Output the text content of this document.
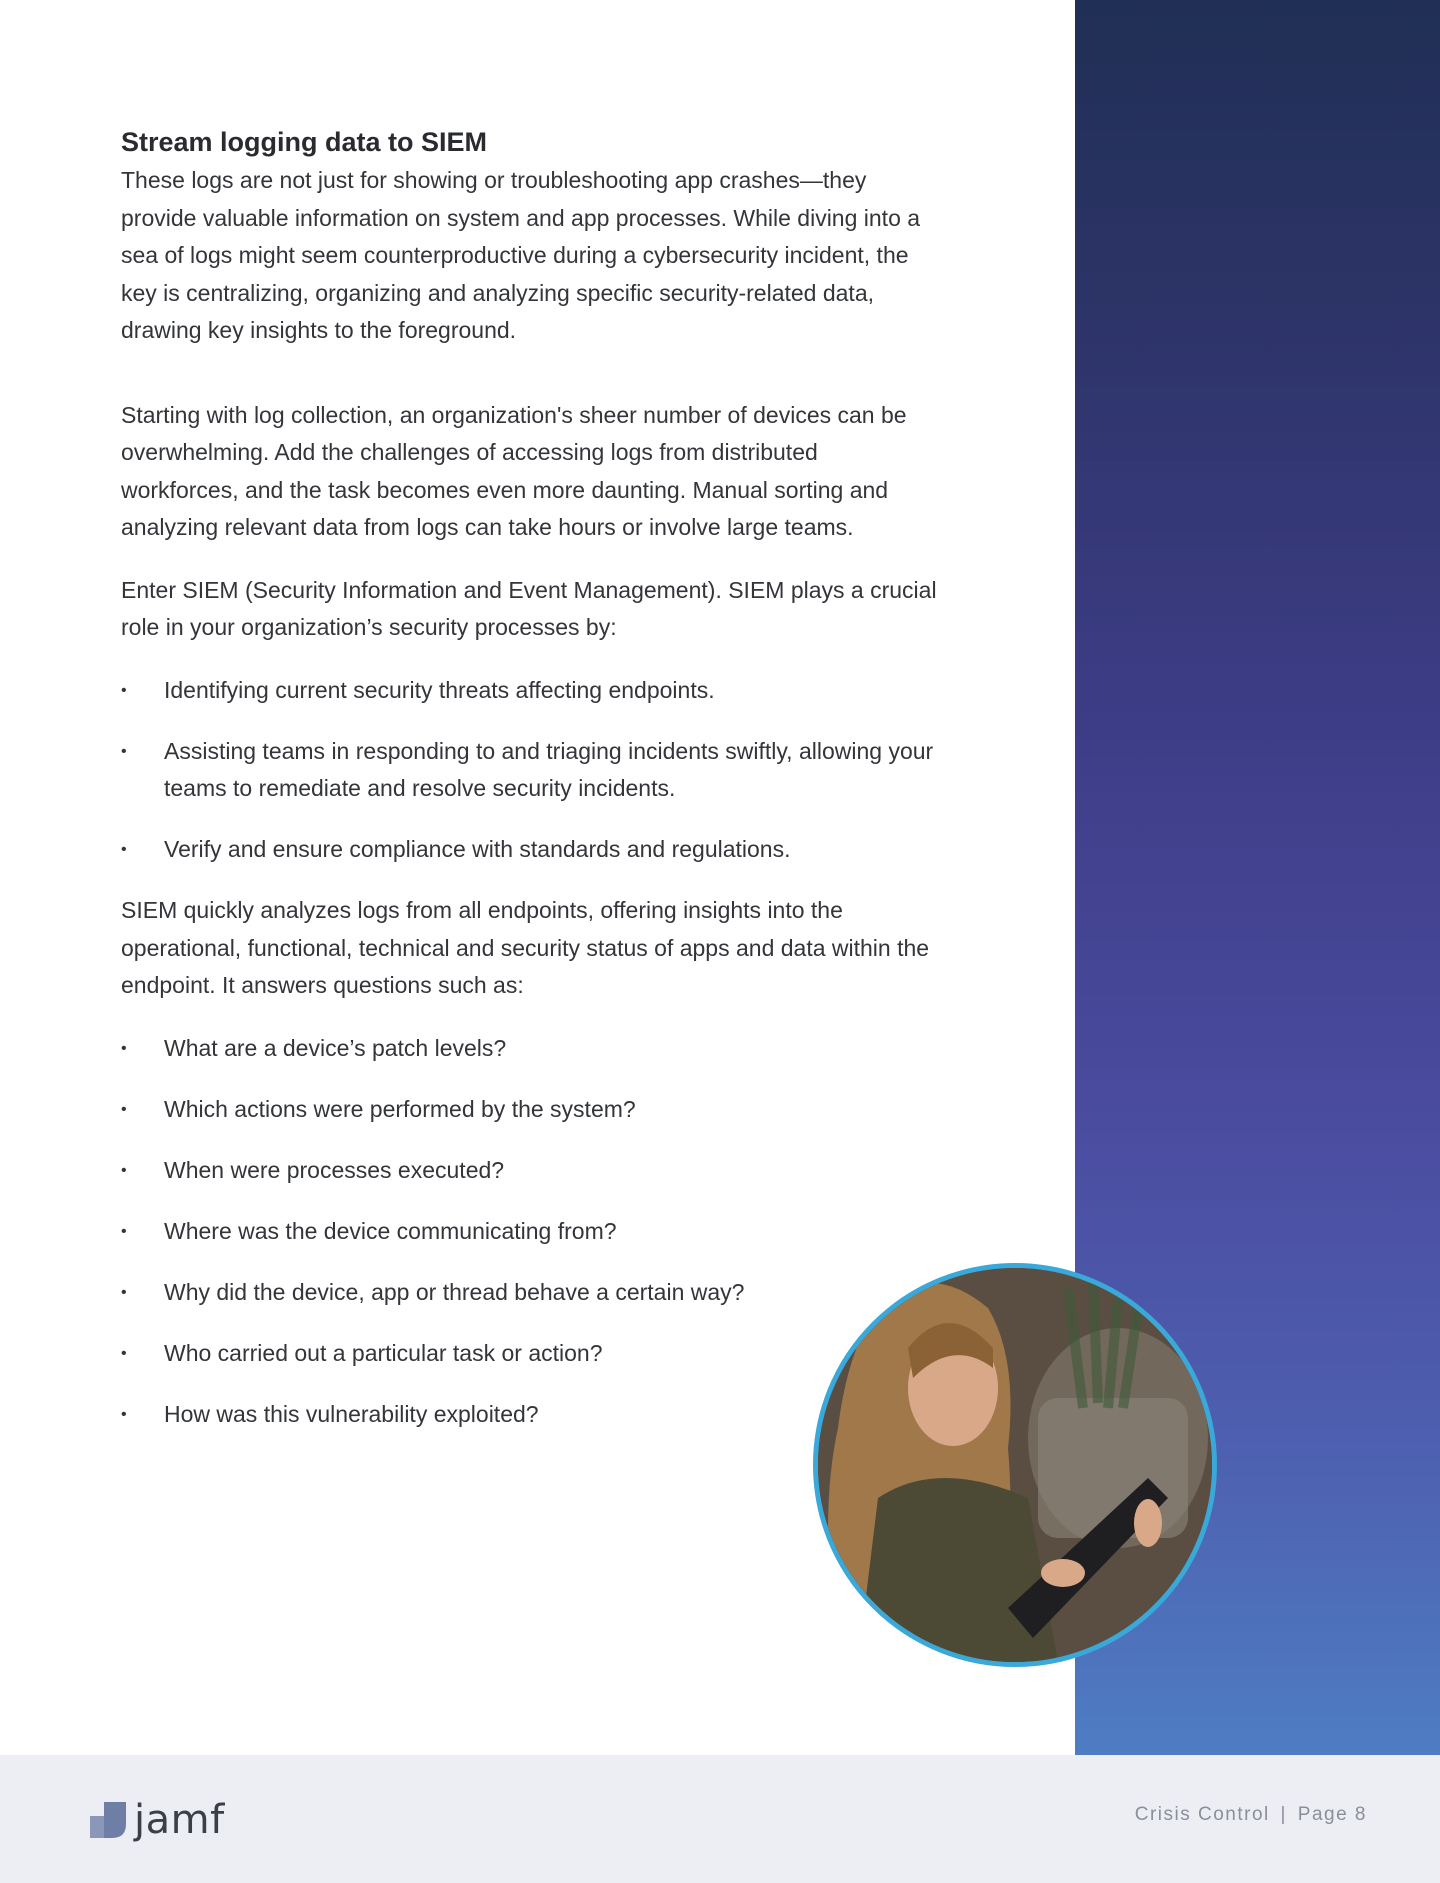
Stream logging data to SIEM

These logs are not just for showing or troubleshooting app crashes—they provide valuable information on system and app processes. While diving into a sea of logs might seem counterproductive during a cybersecurity incident, the key is centralizing, organizing and analyzing specific security-related data, drawing key insights to the foreground.

Starting with log collection, an organization's sheer number of devices can be overwhelming. Add the challenges of accessing logs from distributed workforces, and the task becomes even more daunting. Manual sorting and analyzing relevant data from logs can take hours or involve large teams.

Enter SIEM (Security Information and Event Management). SIEM plays a crucial role in your organization’s security processes by:

• Identifying current security threats affecting endpoints.
• Assisting teams in responding to and triaging incidents swiftly, allowing your teams to remediate and resolve security incidents.
• Verify and ensure compliance with standards and regulations.

SIEM quickly analyzes logs from all endpoints, offering insights into the operational, functional, technical and security status of apps and data within the endpoint. It answers questions such as:

• What are a device’s patch levels?
• Which actions were performed by the system?
• When were processes executed?
• Where was the device communicating from?
• Why did the device, app or thread behave a certain way?
• Who carried out a particular task or action?
• How was this vulnerability exploited?
jamf	Crisis Control | Page 8
